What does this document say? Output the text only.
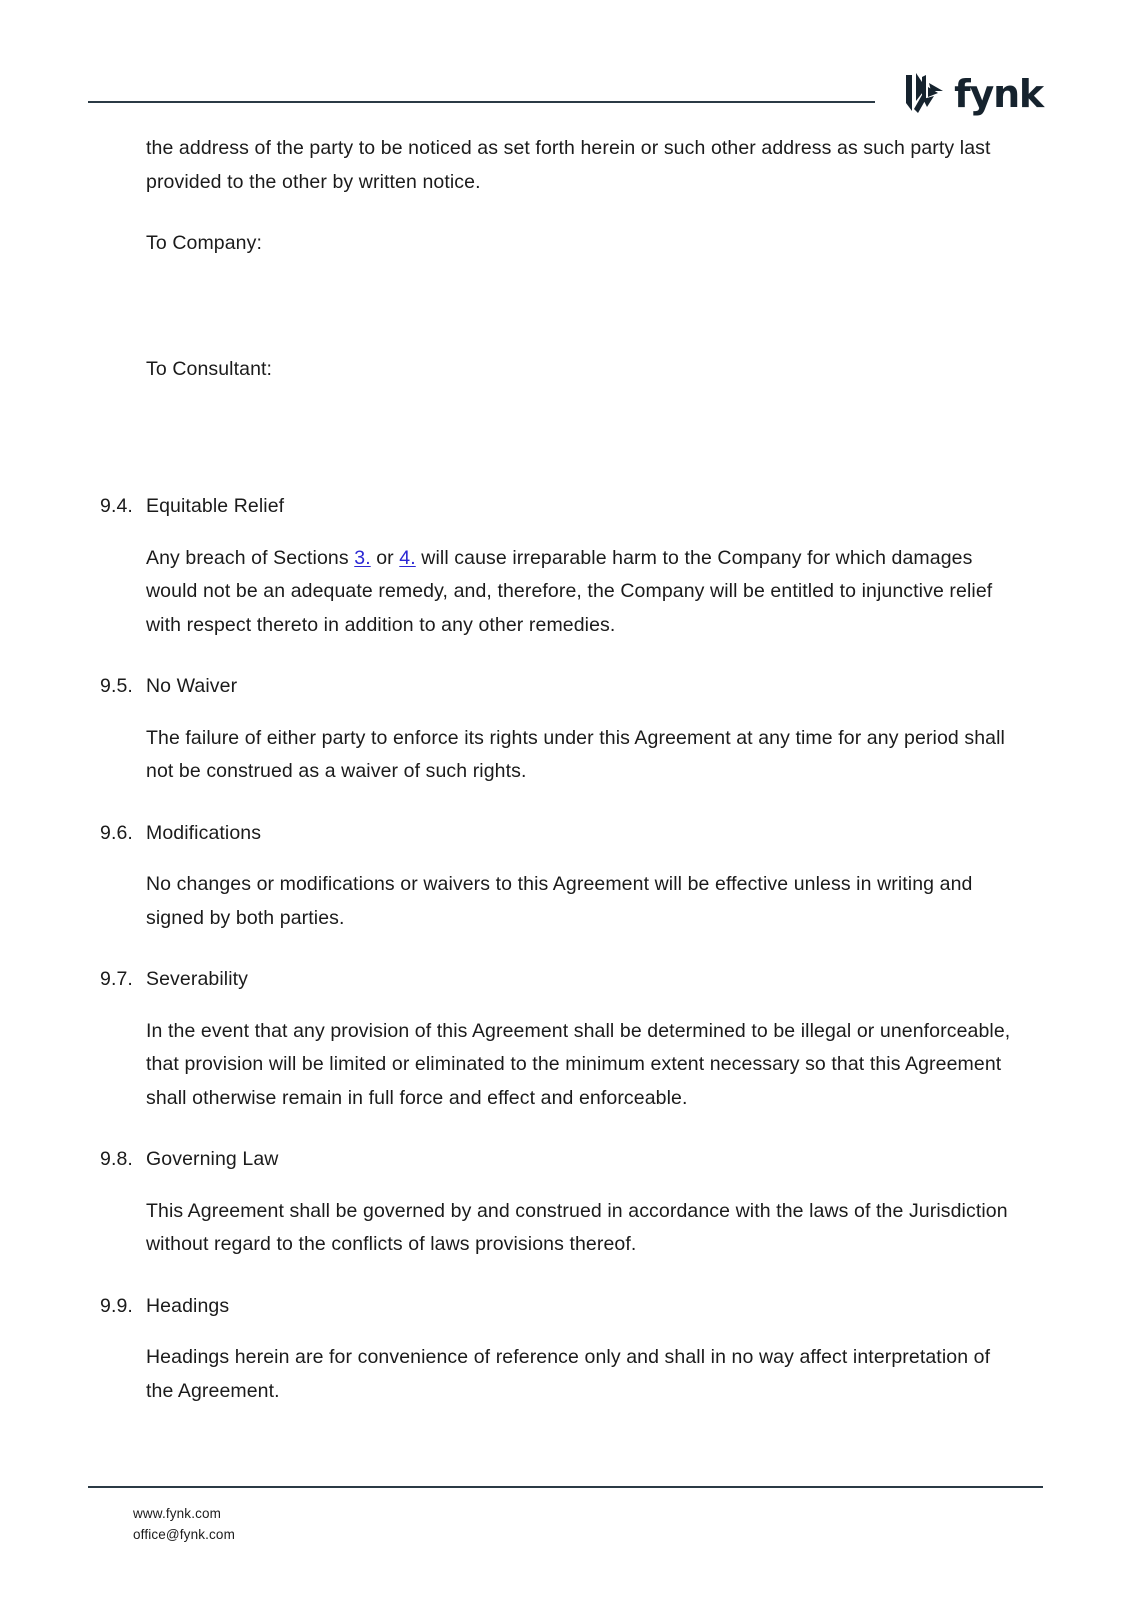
fynk

the address of the party to be noticed as set forth herein or such other address as such party last provided to the other by written notice.

To Company:

To Consultant:

9.4. Equitable Relief

Any breach of Sections 3. or 4. will cause irreparable harm to the Company for which damages would not be an adequate remedy, and, therefore, the Company will be entitled to injunctive relief with respect thereto in addition to any other remedies.

9.5. No Waiver

The failure of either party to enforce its rights under this Agreement at any time for any period shall not be construed as a waiver of such rights.

9.6. Modifications

No changes or modifications or waivers to this Agreement will be effective unless in writing and signed by both parties.

9.7. Severability

In the event that any provision of this Agreement shall be determined to be illegal or unenforceable, that provision will be limited or eliminated to the minimum extent necessary so that this Agreement shall otherwise remain in full force and effect and enforceable.

9.8. Governing Law

This Agreement shall be governed by and construed in accordance with the laws of the Jurisdiction without regard to the conflicts of laws provisions thereof.

9.9. Headings

Headings herein are for convenience of reference only and shall in no way affect interpretation of the Agreement.

www.fynk.com
office@fynk.com
